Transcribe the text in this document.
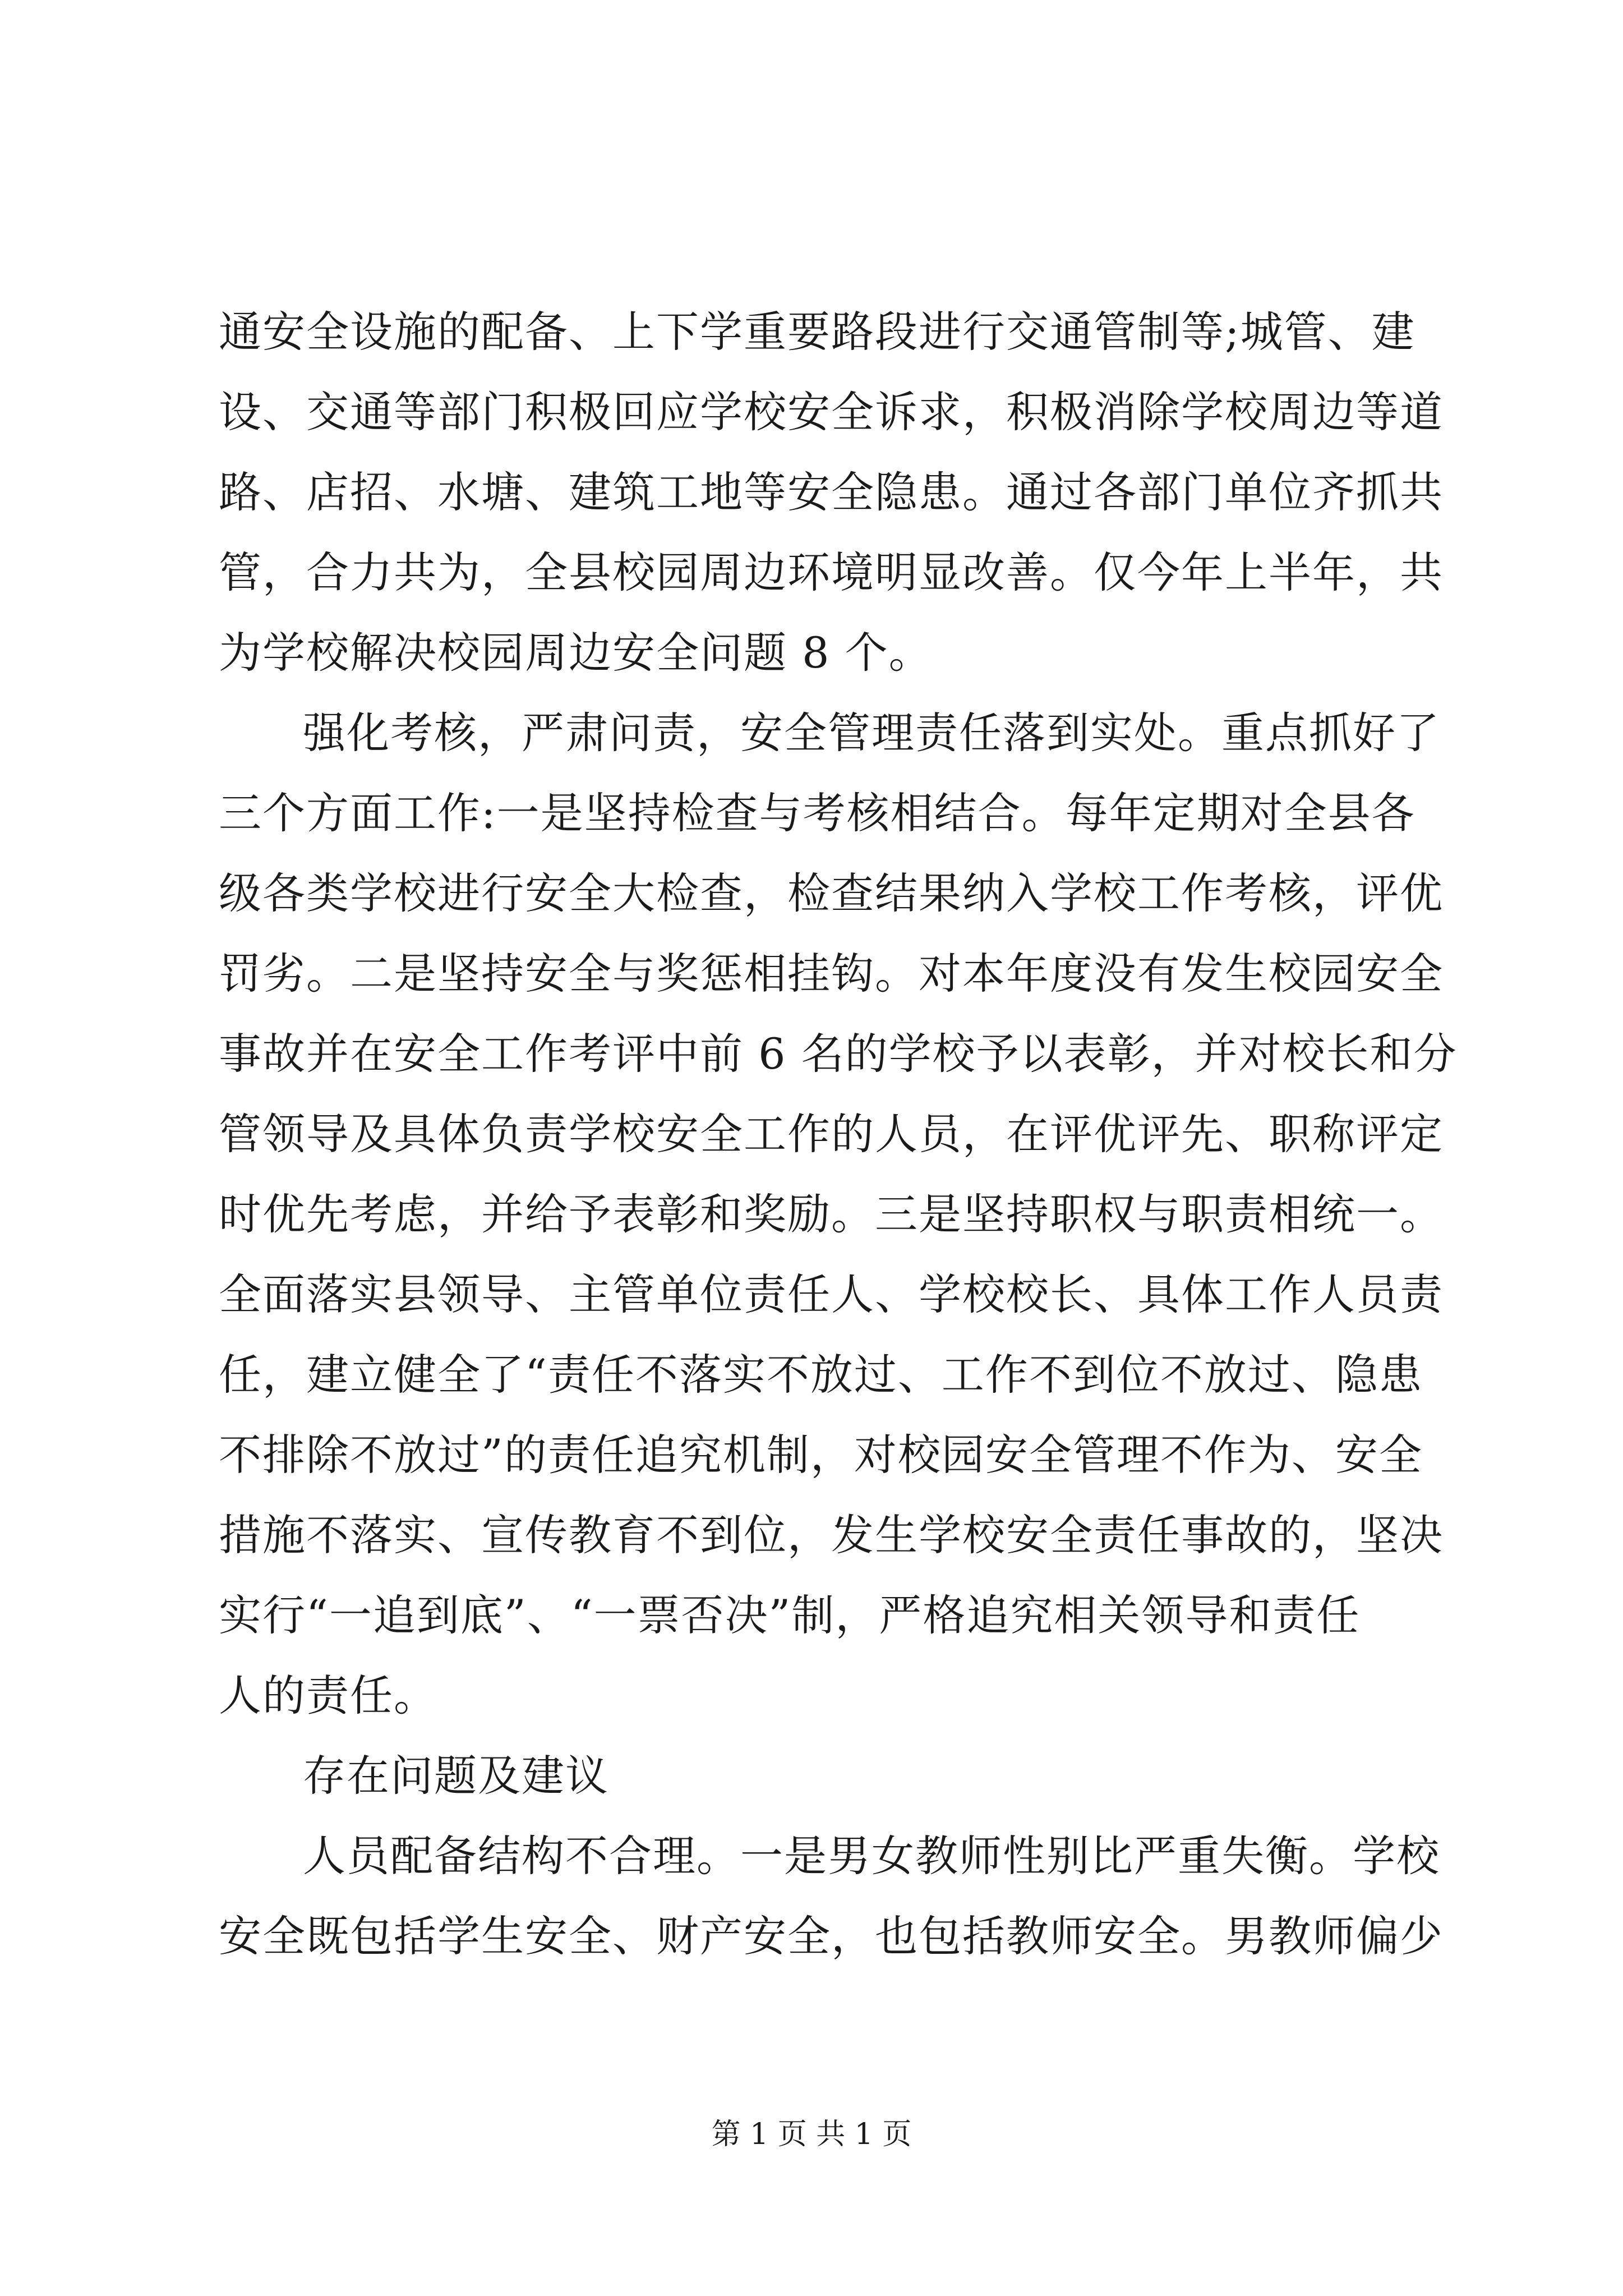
通安全设施的配备、上下学重要路段进行交通管制等;城管、建
设、交通等部门积极回应学校安全诉求，积极消除学校周边等道
路、店招、水塘、建筑工地等安全隐患。通过各部门单位齐抓共
管，合力共为，全县校园周边环境明显改善。仅今年上半年，共
为学校解决校园周边安全问题 8 个。
强化考核，严肃问责，安全管理责任落到实处。重点抓好了
三个方面工作:一是坚持检查与考核相结合。每年定期对全县各
级各类学校进行安全大检查，检查结果纳入学校工作考核，评优
罚劣。二是坚持安全与奖惩相挂钩。对本年度没有发生校园安全
事故并在安全工作考评中前 6 名的学校予以表彰，并对校长和分
管领导及具体负责学校安全工作的人员，在评优评先、职称评定
时优先考虑，并给予表彰和奖励。三是坚持职权与职责相统一。
全面落实县领导、主管单位责任人、学校校长、具体工作人员责
任，建立健全了“责任不落实不放过、工作不到位不放过、隐患
不排除不放过”的责任追究机制，对校园安全管理不作为、安全
措施不落实、宣传教育不到位，发生学校安全责任事故的，坚决
实行“一追到底”、“一票否决”制，严格追究相关领导和责任
人的责任。
存在问题及建议
人员配备结构不合理。一是男女教师性别比严重失衡。学校
安全既包括学生安全、财产安全，也包括教师安全。男教师偏少
第 1 页 共 1 页
